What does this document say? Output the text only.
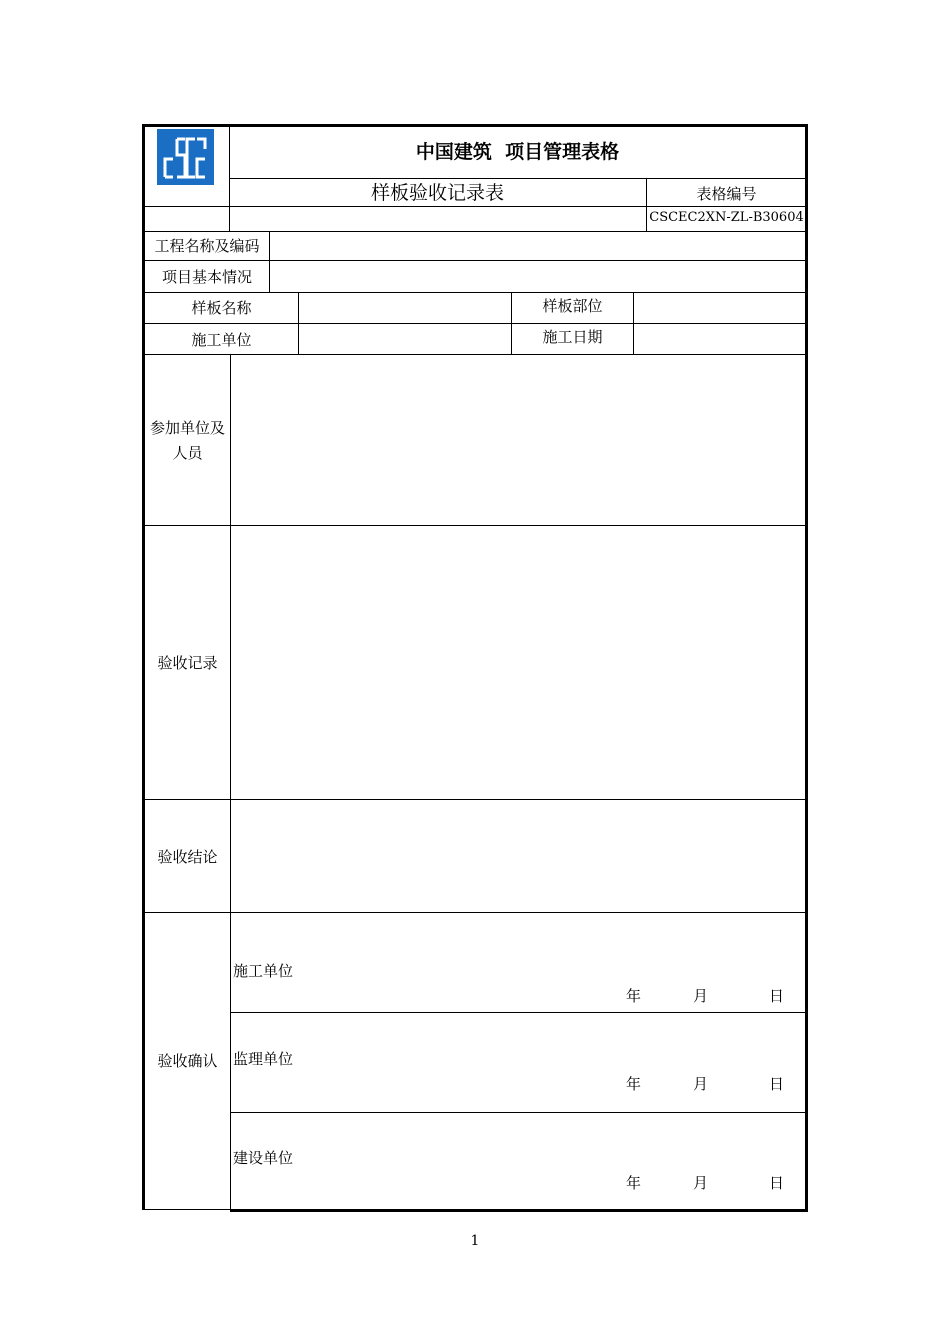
中国建筑  项目管理表格
样板验收记录表	表格编号
CSCEC2XN-ZL-B30604
工程名称及编码
项目基本情况
样板名称	样板部位
施工单位	施工日期
参加单位及
人员
验收记录
验收结论
验收确认
施工单位
年	月	日
监理单位
年	月	日
建设单位
年	月	日
1
